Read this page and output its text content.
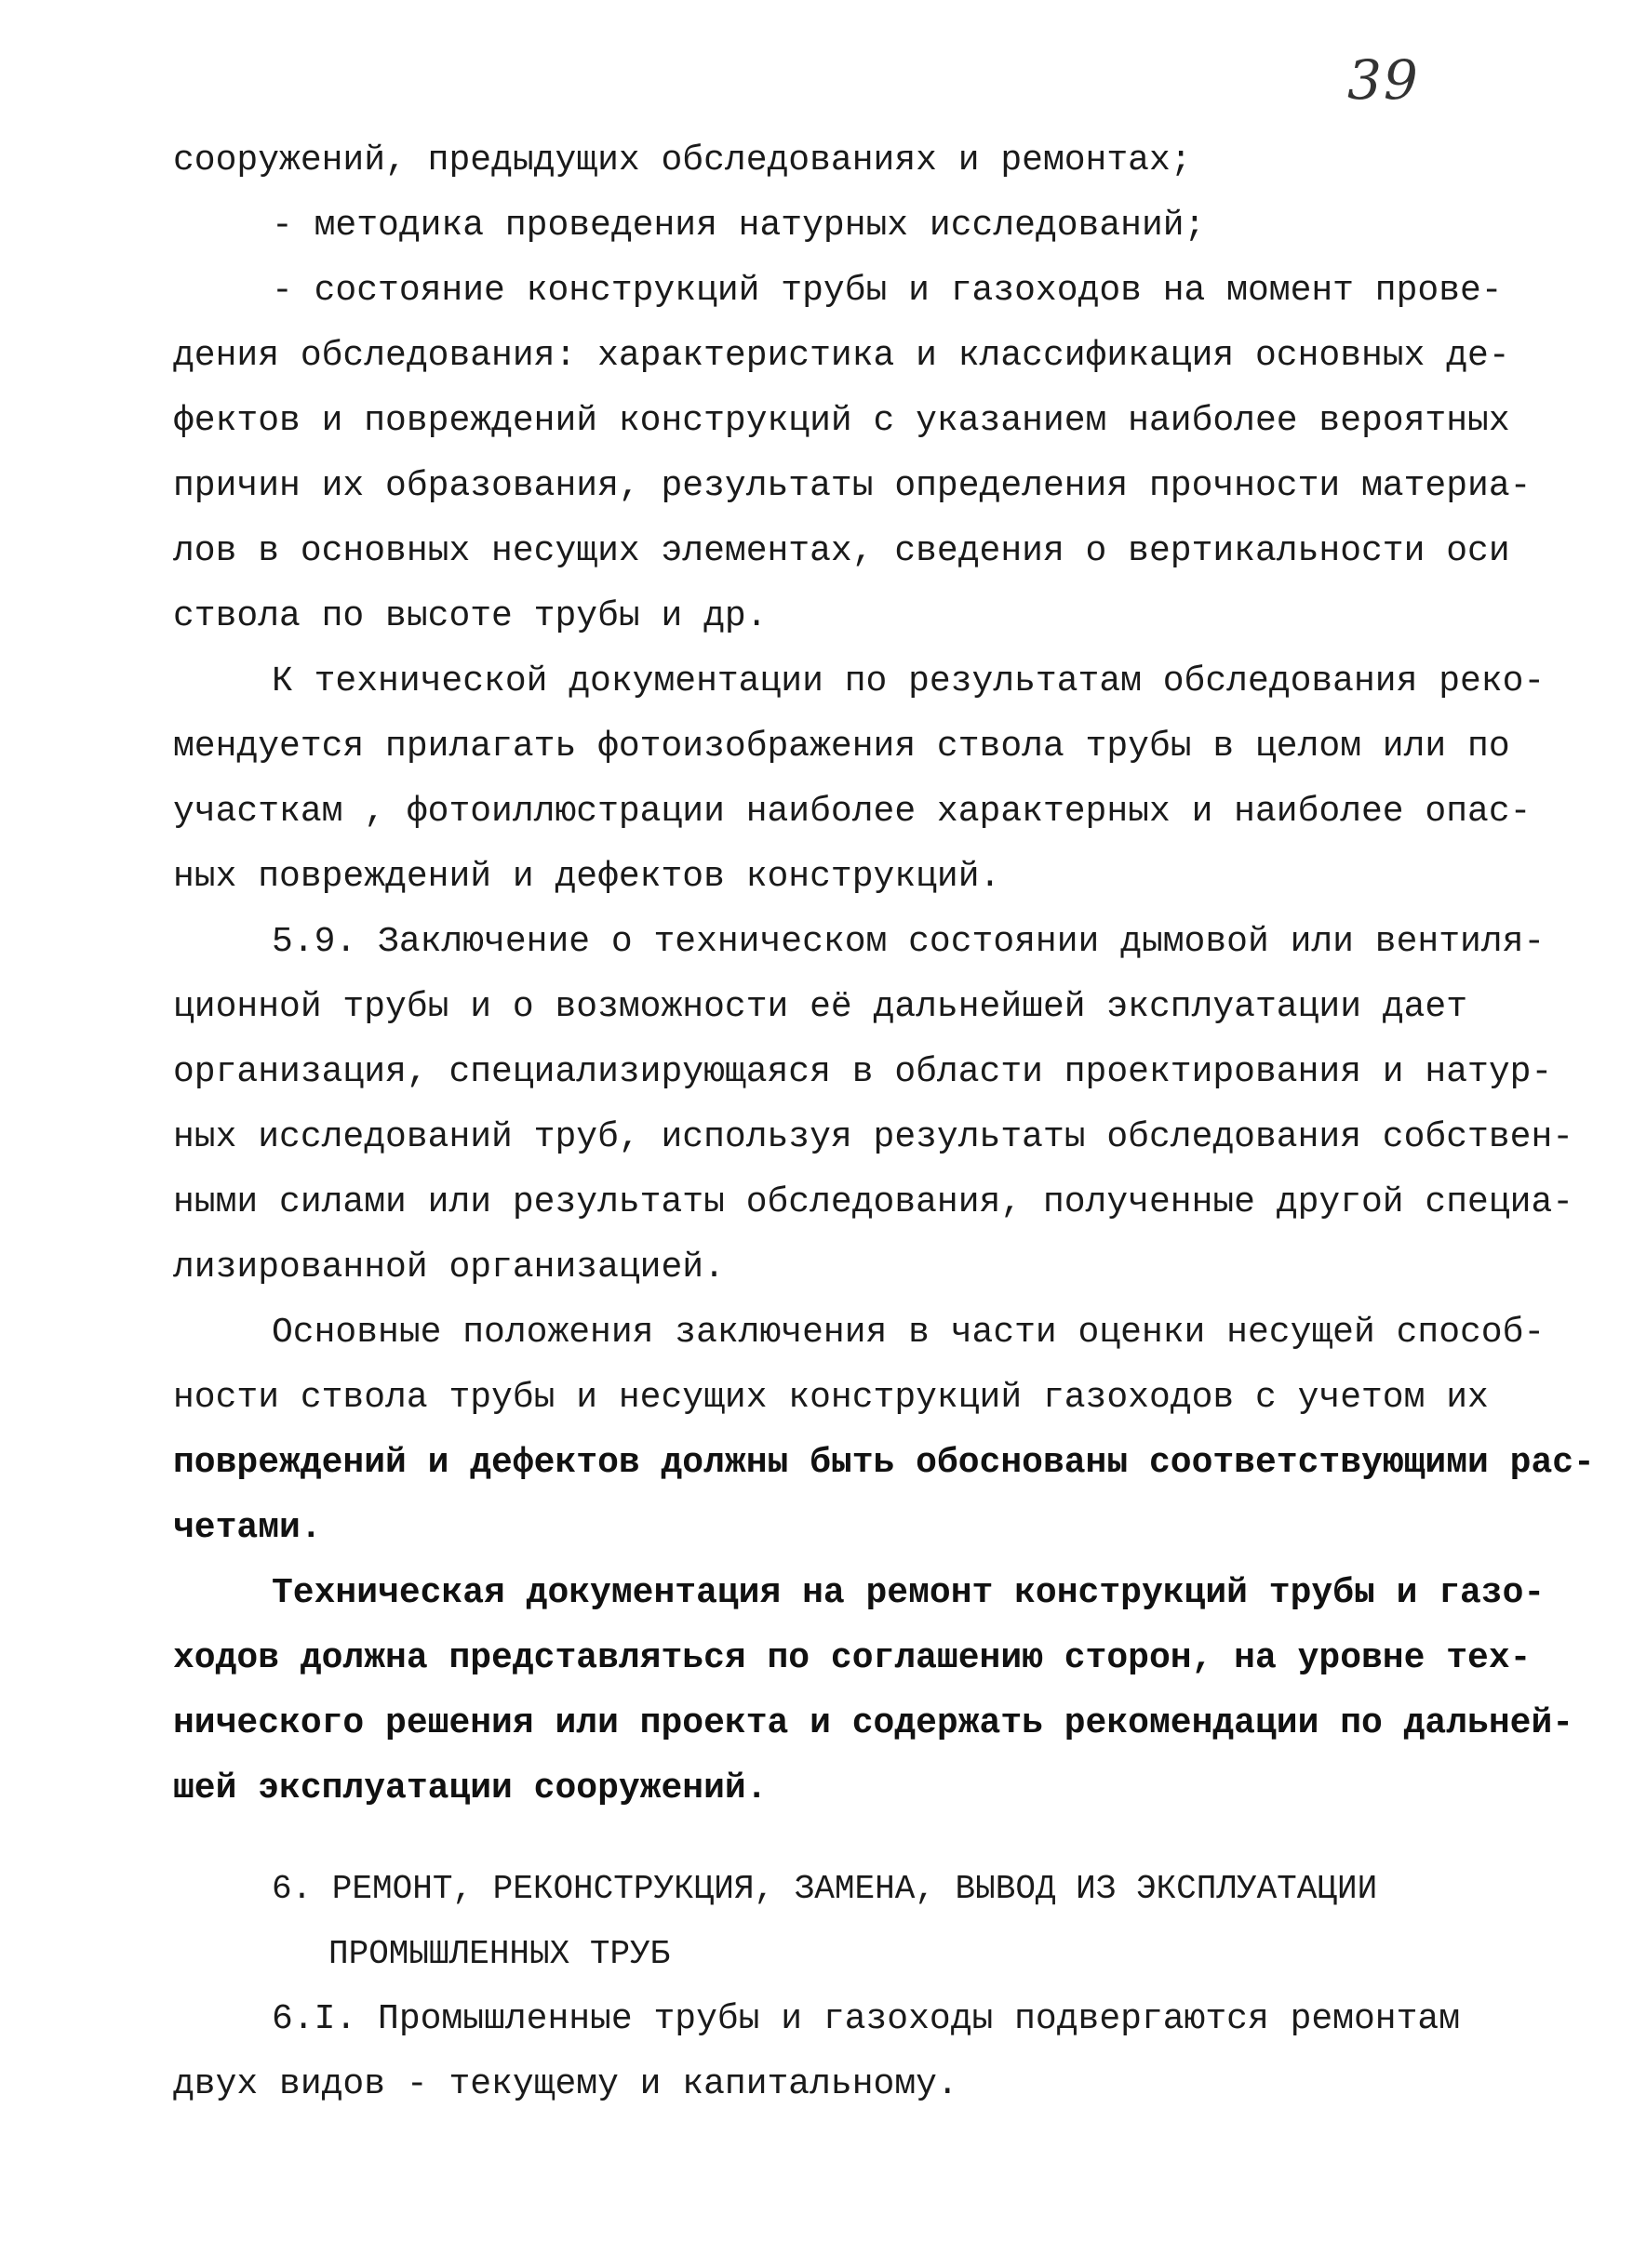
39
сооружений, предыдущих обследованиях и ремонтах;
- методика проведения натурных исследований;
- состояние конструкций трубы и газоходов на момент прове-
дения обследования: характеристика и классификация основных де-
фектов и повреждений конструкций с указанием наиболее вероятных
причин их образования, результаты определения прочности материа-
лов в основных несущих элементах, сведения о вертикальности оси
ствола по высоте трубы и др.
К технической документации по результатам обследования реко-
мендуется прилагать фотоизображения ствола трубы в целом или по
участкам , фотоиллюстрации наиболее характерных и наиболее опас-
ных повреждений и дефектов конструкций.
5.9. Заключение о техническом состоянии дымовой или вентиля-
ционной трубы и о возможности её дальнейшей эксплуатации дает
организация, специализирующаяся в области проектирования и натур-
ных исследований труб, используя результаты обследования собствен-
ными силами или результаты обследования, полученные другой специа-
лизированной организацией.
Основные положения заключения в части оценки несущей способ-
ности ствола трубы и несущих конструкций газоходов с учетом их
повреждений и дефектов должны быть обоснованы соответствующими рас-
четами.
Техническая документация на ремонт конструкций трубы и газо-
ходов должна представляться по соглашению сторон, на уровне тех-
нического решения или проекта и содержать рекомендации по дальней-
шей эксплуатации сооружений.
6. РЕМОНТ, РЕКОНСТРУКЦИЯ, ЗАМЕНА, ВЫВОД ИЗ ЭКСПЛУАТАЦИИ
ПРОМЫШЛЕННЫХ ТРУБ
6.I. Промышленные трубы и газоходы подвергаются ремонтам
двух видов - текущему и капитальному.
